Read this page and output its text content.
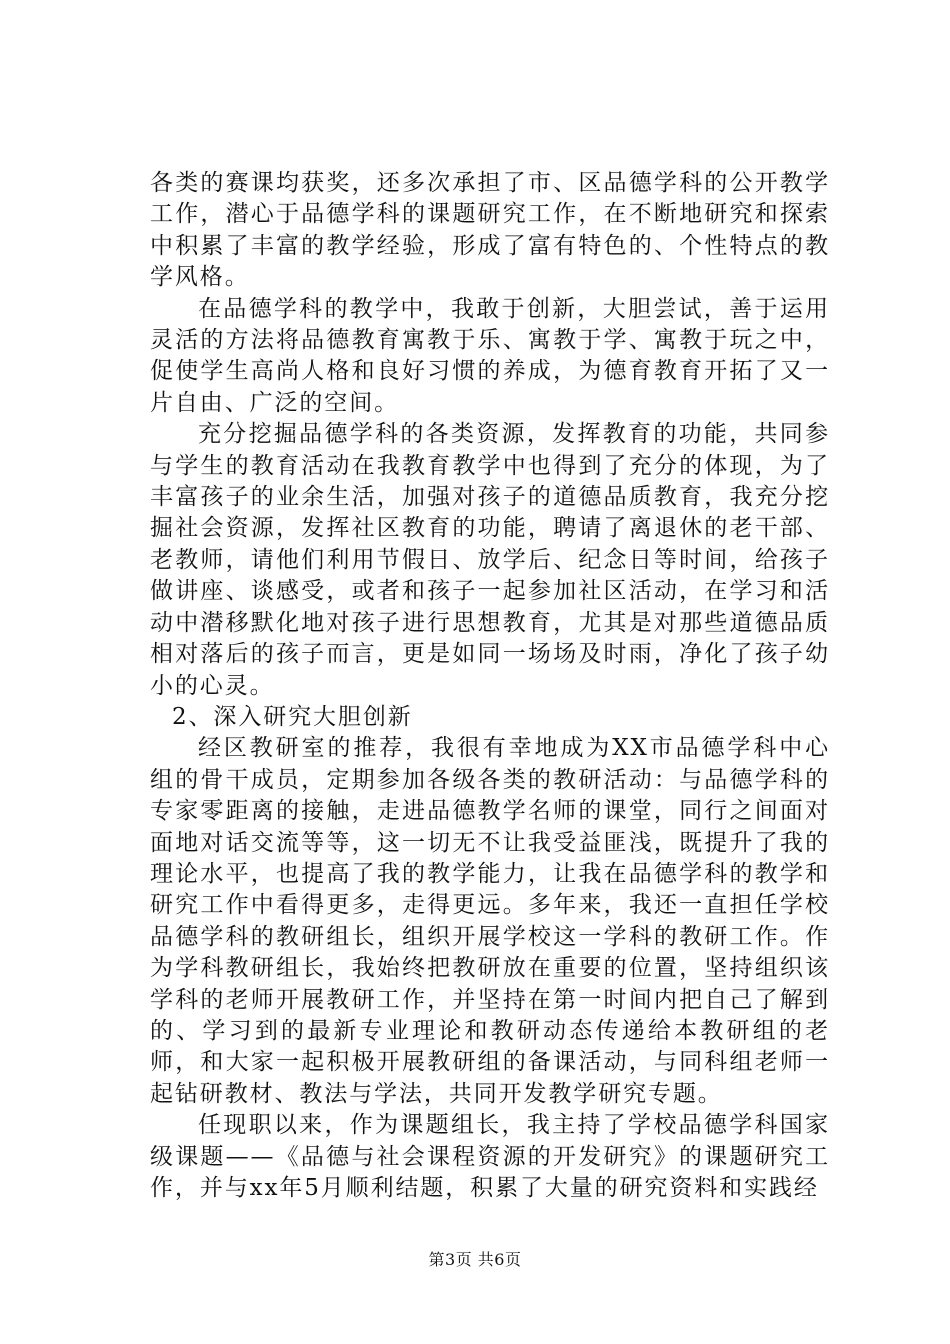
各类的赛课均获奖，还多次承担了市、区品德学科的公开教学工作，潜心于品德学科的课题研究工作，在不断地研究和探索中积累了丰富的教学经验，形成了富有特色的、个性特点的教学风格。

在品德学科的教学中，我敢于创新，大胆尝试，善于运用灵活的方法将品德教育寓教于乐、寓教于学、寓教于玩之中，促使学生高尚人格和良好习惯的养成，为德育教育开拓了又一片自由、广泛的空间。

充分挖掘品德学科的各类资源，发挥教育的功能，共同参与学生的教育活动在我教育教学中也得到了充分的体现，为了丰富孩子的业余生活，加强对孩子的道德品质教育，我充分挖掘社会资源，发挥社区教育的功能，聘请了离退休的老干部、老教师，请他们利用节假日、放学后、纪念日等时间，给孩子做讲座、谈感受，或者和孩子一起参加社区活动，在学习和活动中潜移默化地对孩子进行思想教育，尤其是对那些道德品质相对落后的孩子而言，更是如同一场场及时雨，净化了孩子幼小的心灵。

2、深入研究大胆创新

经区教研室的推荐，我很有幸地成为XX市品德学科中心组的骨干成员，定期参加各级各类的教研活动：与品德学科的专家零距离的接触，走进品德教学名师的课堂，同行之间面对面地对话交流等等，这一切无不让我受益匪浅，既提升了我的理论水平，也提高了我的教学能力，让我在品德学科的教学和研究工作中看得更多，走得更远。多年来，我还一直担任学校品德学科的教研组长，组织开展学校这一学科的教研工作。作为学科教研组长，我始终把教研放在重要的位置，坚持组织该学科的老师开展教研工作，并坚持在第一时间内把自己了解到的、学习到的最新专业理论和教研动态传递给本教研组的老师，和大家一起积极开展教研组的备课活动，与同科组老师一起钻研教材、教法与学法，共同开发教学研究专题。

任现职以来，作为课题组长，我主持了学校品德学科国家级课题——《品德与社会课程资源的开发研究》的课题研究工作，并与xx年5月顺利结题，积累了大量的研究资料和实践经

第3页 共6页
